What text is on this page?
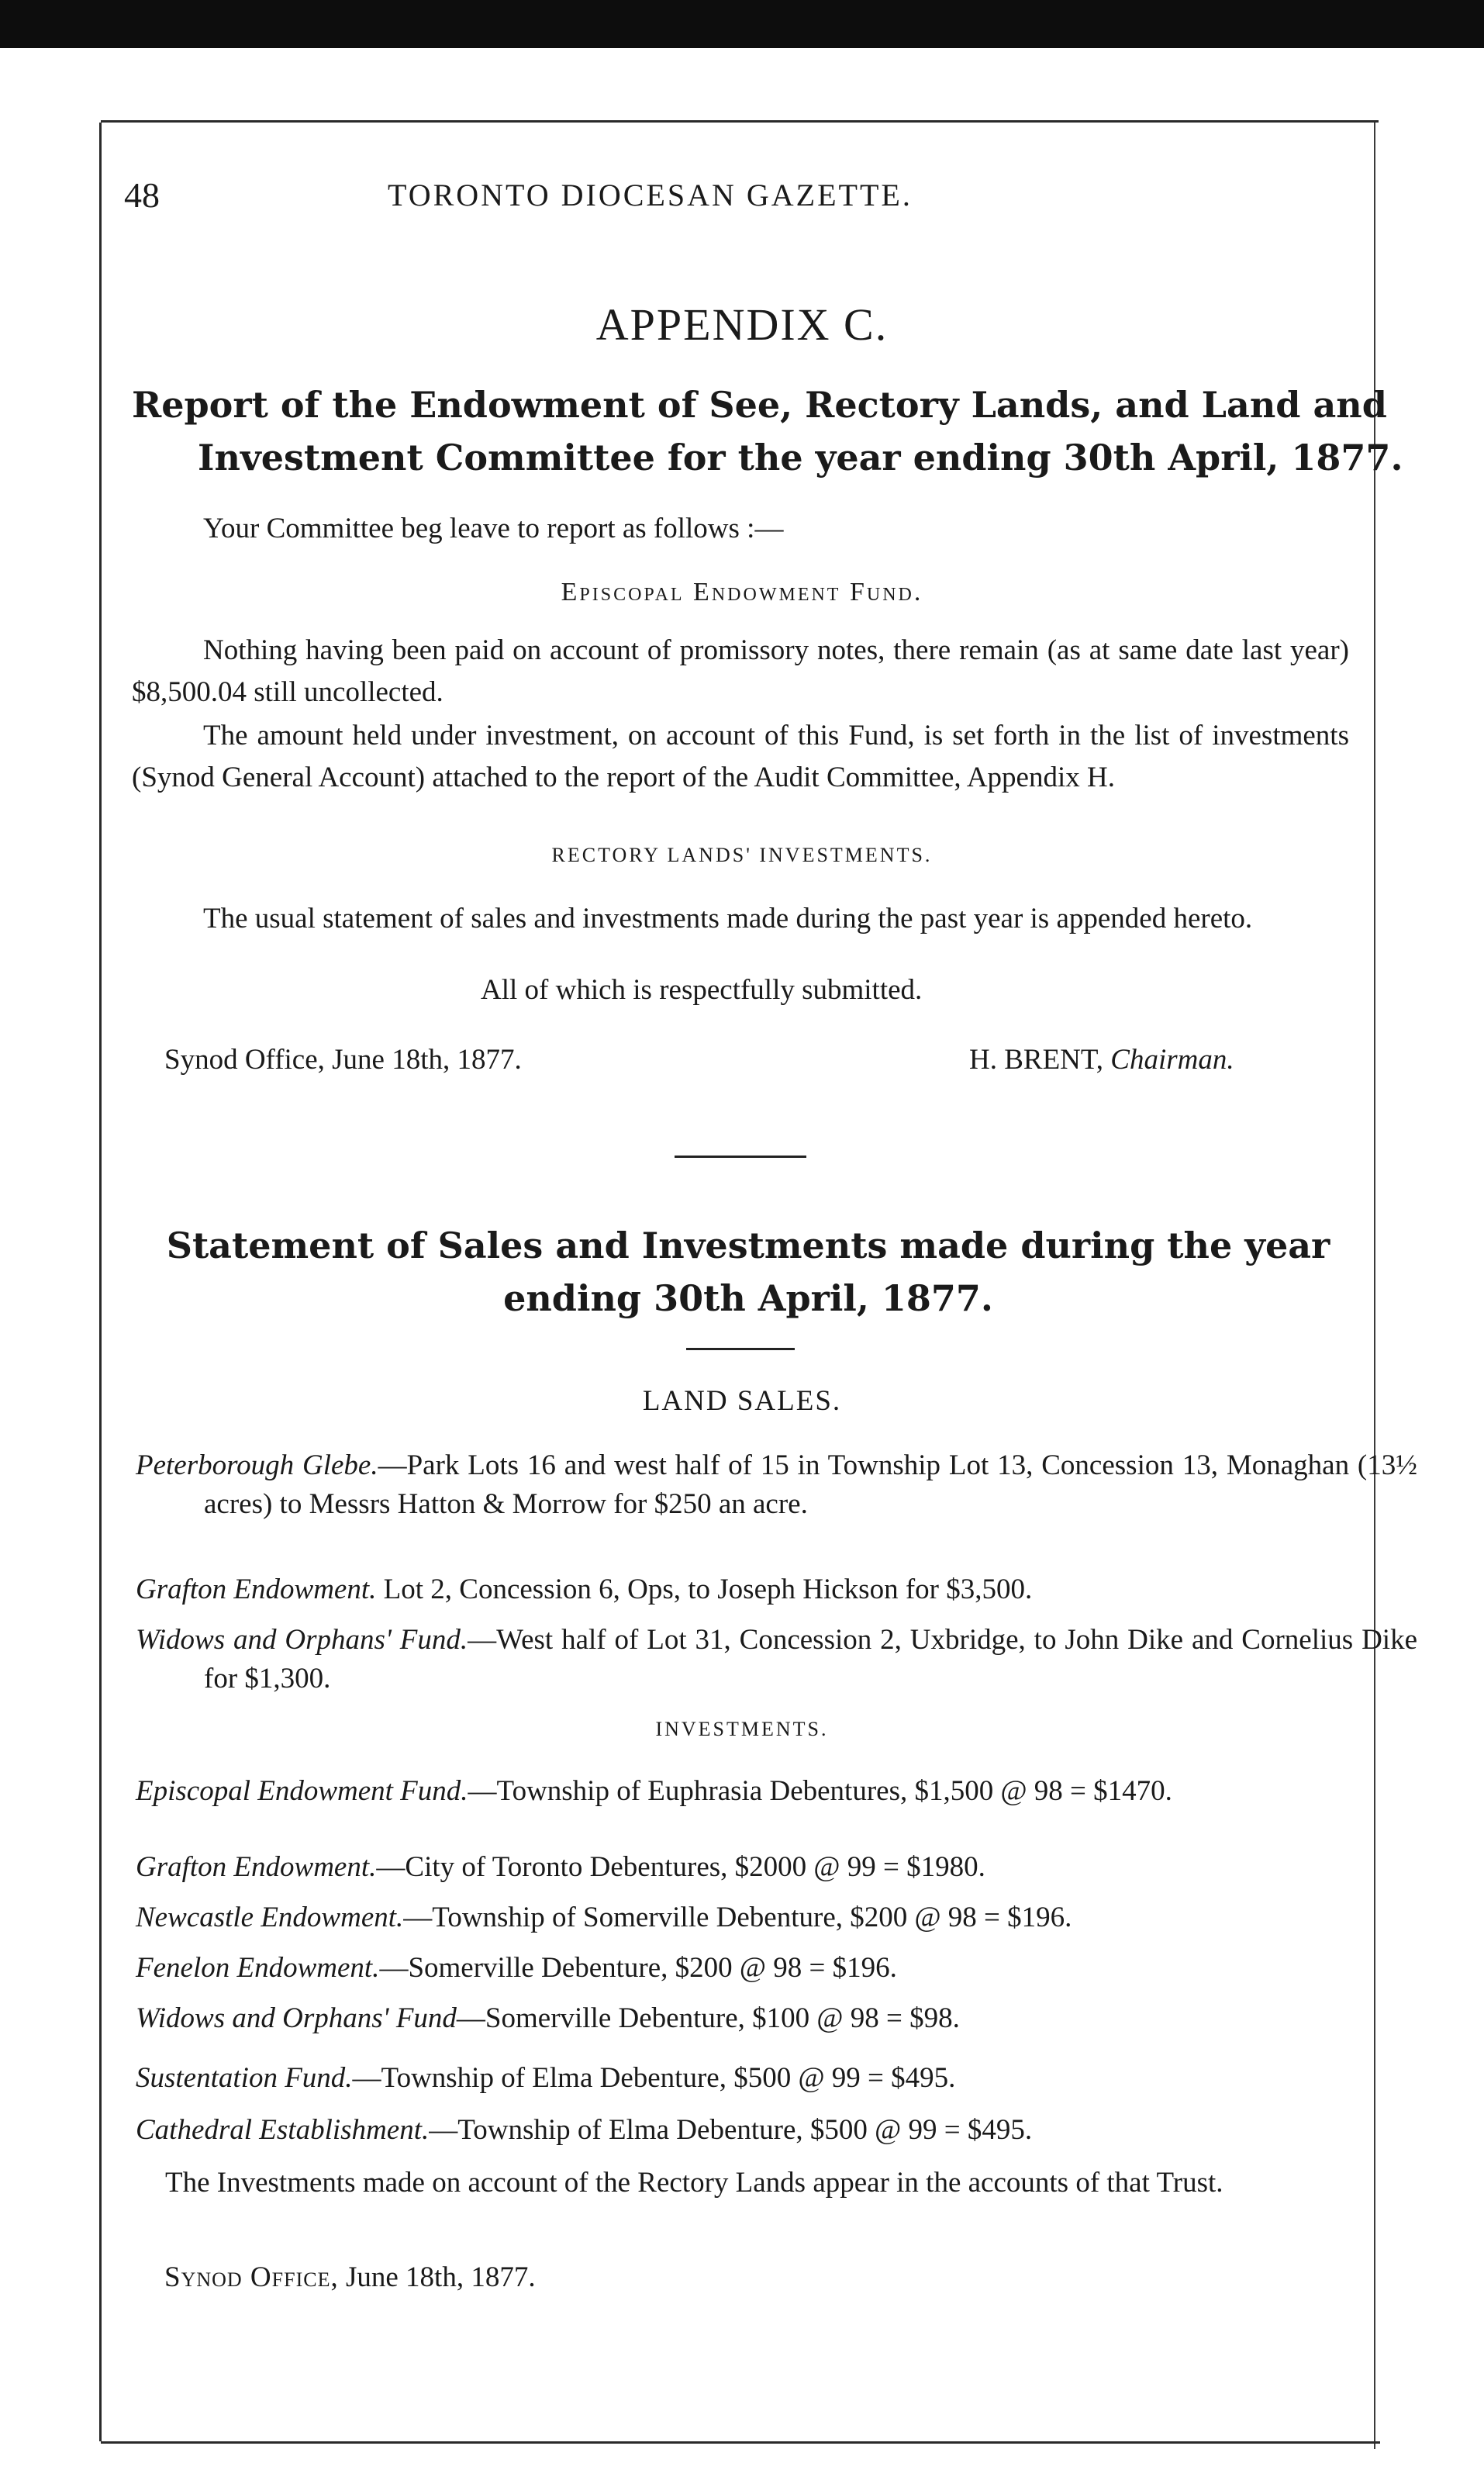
48	TORONTO DIOCESAN GAZETTE.
APPENDIX C.
Report of the Endowment of See, Rectory Lands, and Land and Investment Committee for the year ending 30th April, 1877.
Your Committee beg leave to report as follows :—
Episcopal Endowment Fund.

Nothing having been paid on account of promissory notes, there remain (as at same date last year) $8,500.04 still uncollected.

The amount held under investment, on account of this Fund, is set forth in the list of investments (Synod General Account) attached to the report of the Audit Committee, Appendix H.

RECTORY LANDS' INVESTMENTS.

The usual statement of sales and investments made during the past year is appended hereto.

All of which is respectfully submitted.
Synod Office, June 18th, 1877.	H. BRENT, Chairman.
Statement of Sales and Investments made during the year ending 30th April, 1877.
LAND SALES.

Peterborough Glebe.—Park Lots 16 and west half of 15 in Township Lot 13, Concession 13, Monaghan (13½ acres) to Messrs Hatton & Morrow for $250 an acre.

Grafton Endowment. Lot 2, Concession 6, Ops, to Joseph Hickson for $3,500.

Widows and Orphans' Fund.—West half of Lot 31, Concession 2, Uxbridge, to John Dike and Cornelius Dike for $1,300.

INVESTMENTS.

Episcopal Endowment Fund.—Township of Euphrasia Debentures, $1,500 @ 98 = $1470.

Grafton Endowment.—City of Toronto Debentures, $2000 @ 99 = $1980.

Newcastle Endowment.—Township of Somerville Debenture, $200 @ 98 = $196.

Fenelon Endowment.—Somerville Debenture, $200 @ 98 = $196.

Widows and Orphans' Fund—Somerville Debenture, $100 @ 98 = $98.

Sustentation Fund.—Township of Elma Debenture, $500 @ 99 = $495.

Cathedral Establishment.—Township of Elma Debenture, $500 @ 99 = $495.

The Investments made on account of the Rectory Lands appear in the accounts of that Trust.

Synod Office, June 18th, 1877.
